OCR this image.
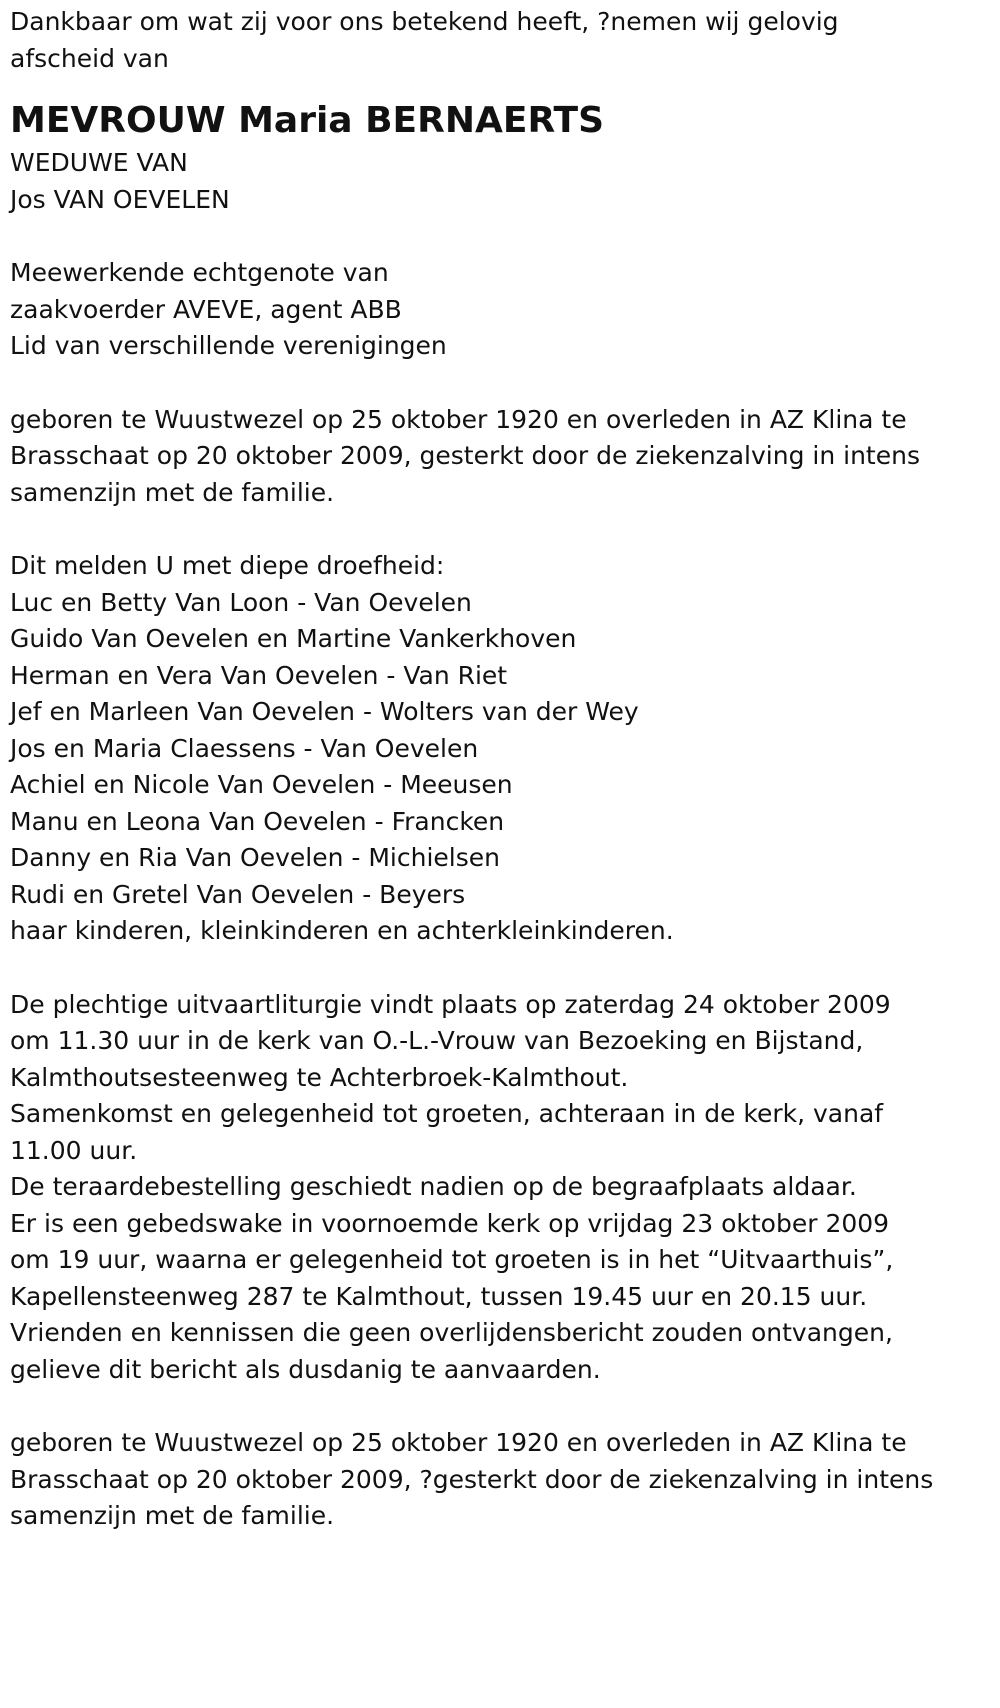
Dankbaar om wat zij voor ons betekend heeft, ?nemen wij gelovig

afscheid van

MEVROUW Maria BERNAERTS

WEDUWE VAN

Jos VAN OEVELEN

Meewerkende echtgenote van

zaakvoerder AVEVE, agent ABB

Lid van verschillende verenigingen

geboren te Wuustwezel op 25 oktober 1920 en overleden in AZ Klina te

Brasschaat op 20 oktober 2009, gesterkt door de ziekenzalving in intens

samenzijn met de familie.

Dit melden U met diepe droefheid:

Luc en Betty Van Loon - Van Oevelen

Guido Van Oevelen en Martine Vankerkhoven

Herman en Vera Van Oevelen - Van Riet

Jef en Marleen Van Oevelen - Wolters van der Wey

Jos en Maria Claessens - Van Oevelen

Achiel en Nicole Van Oevelen - Meeusen

Manu en Leona Van Oevelen - Francken

Danny en Ria Van Oevelen - Michielsen

Rudi en Gretel Van Oevelen - Beyers

haar kinderen, kleinkinderen en achterkleinkinderen.

De plechtige uitvaartliturgie vindt plaats op zaterdag 24 oktober 2009

om 11.30 uur in de kerk van O.-L.-Vrouw van Bezoeking en Bijstand,

Kalmthoutsesteenweg te Achterbroek-Kalmthout.

Samenkomst en gelegenheid tot groeten, achteraan in de kerk, vanaf

11.00 uur.

De teraardebestelling geschiedt nadien op de begraafplaats aldaar.

Er is een gebedswake in voornoemde kerk op vrijdag 23 oktober 2009

om 19 uur, waarna er gelegenheid tot groeten is in het “Uitvaarthuis”,

Kapellensteenweg 287 te Kalmthout, tussen 19.45 uur en 20.15 uur.

Vrienden en kennissen die geen overlijdensbericht zouden ontvangen,

gelieve dit bericht als dusdanig te aanvaarden.

geboren te Wuustwezel op 25 oktober 1920 en overleden in AZ Klina te

Brasschaat op 20 oktober 2009, ?gesterkt door de ziekenzalving in intens

samenzijn met de familie.
